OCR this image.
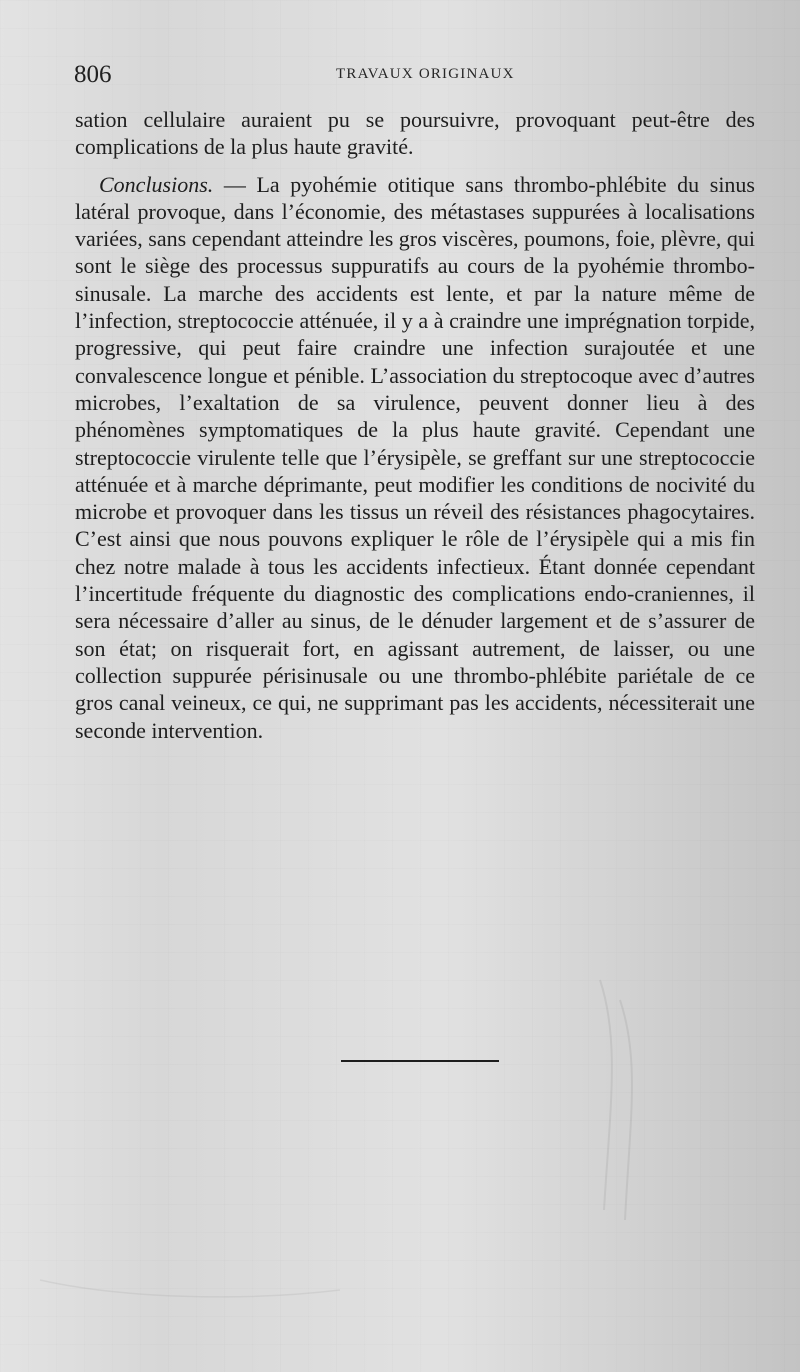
806	TRAVAUX ORIGINAUX

sation cellulaire auraient pu se poursuivre, provoquant peut-être des complications de la plus haute gravité.

Conclusions. — La pyohémie otitique sans thrombo-phlébite du sinus latéral provoque, dans l’économie, des métastases suppurées à localisations variées, sans cependant atteindre les gros viscères, poumons, foie, plèvre, qui sont le siège des processus suppuratifs au cours de la pyohémie thrombo-sinusale. La marche des accidents est lente, et par la nature même de l’infection, streptococcie atténuée, il y a à craindre une imprégnation torpide, progressive, qui peut faire craindre une infection surajoutée et une convalescence longue et pénible. L’association du streptocoque avec d’autres microbes, l’exaltation de sa virulence, peuvent donner lieu à des phénomènes symptomatiques de la plus haute gravité. Cependant une streptococcie virulente telle que l’érysipèle, se greffant sur une streptococcie atténuée et à marche déprimante, peut modifier les conditions de nocivité du microbe et provoquer dans les tissus un réveil des résistances phagocytaires. C’est ainsi que nous pouvons expliquer le rôle de l’érysipèle qui a mis fin chez notre malade à tous les accidents infectieux. Étant donnée cependant l’incertitude fréquente du diagnostic des complications endo-craniennes, il sera nécessaire d’aller au sinus, de le dénuder largement et de s’assurer de son état; on risquerait fort, en agissant autrement, de laisser, ou une collection suppurée périsinusale ou une thrombo-phlébite pariétale de ce gros canal veineux, ce qui, ne supprimant pas les accidents, nécessiterait une seconde intervention.
